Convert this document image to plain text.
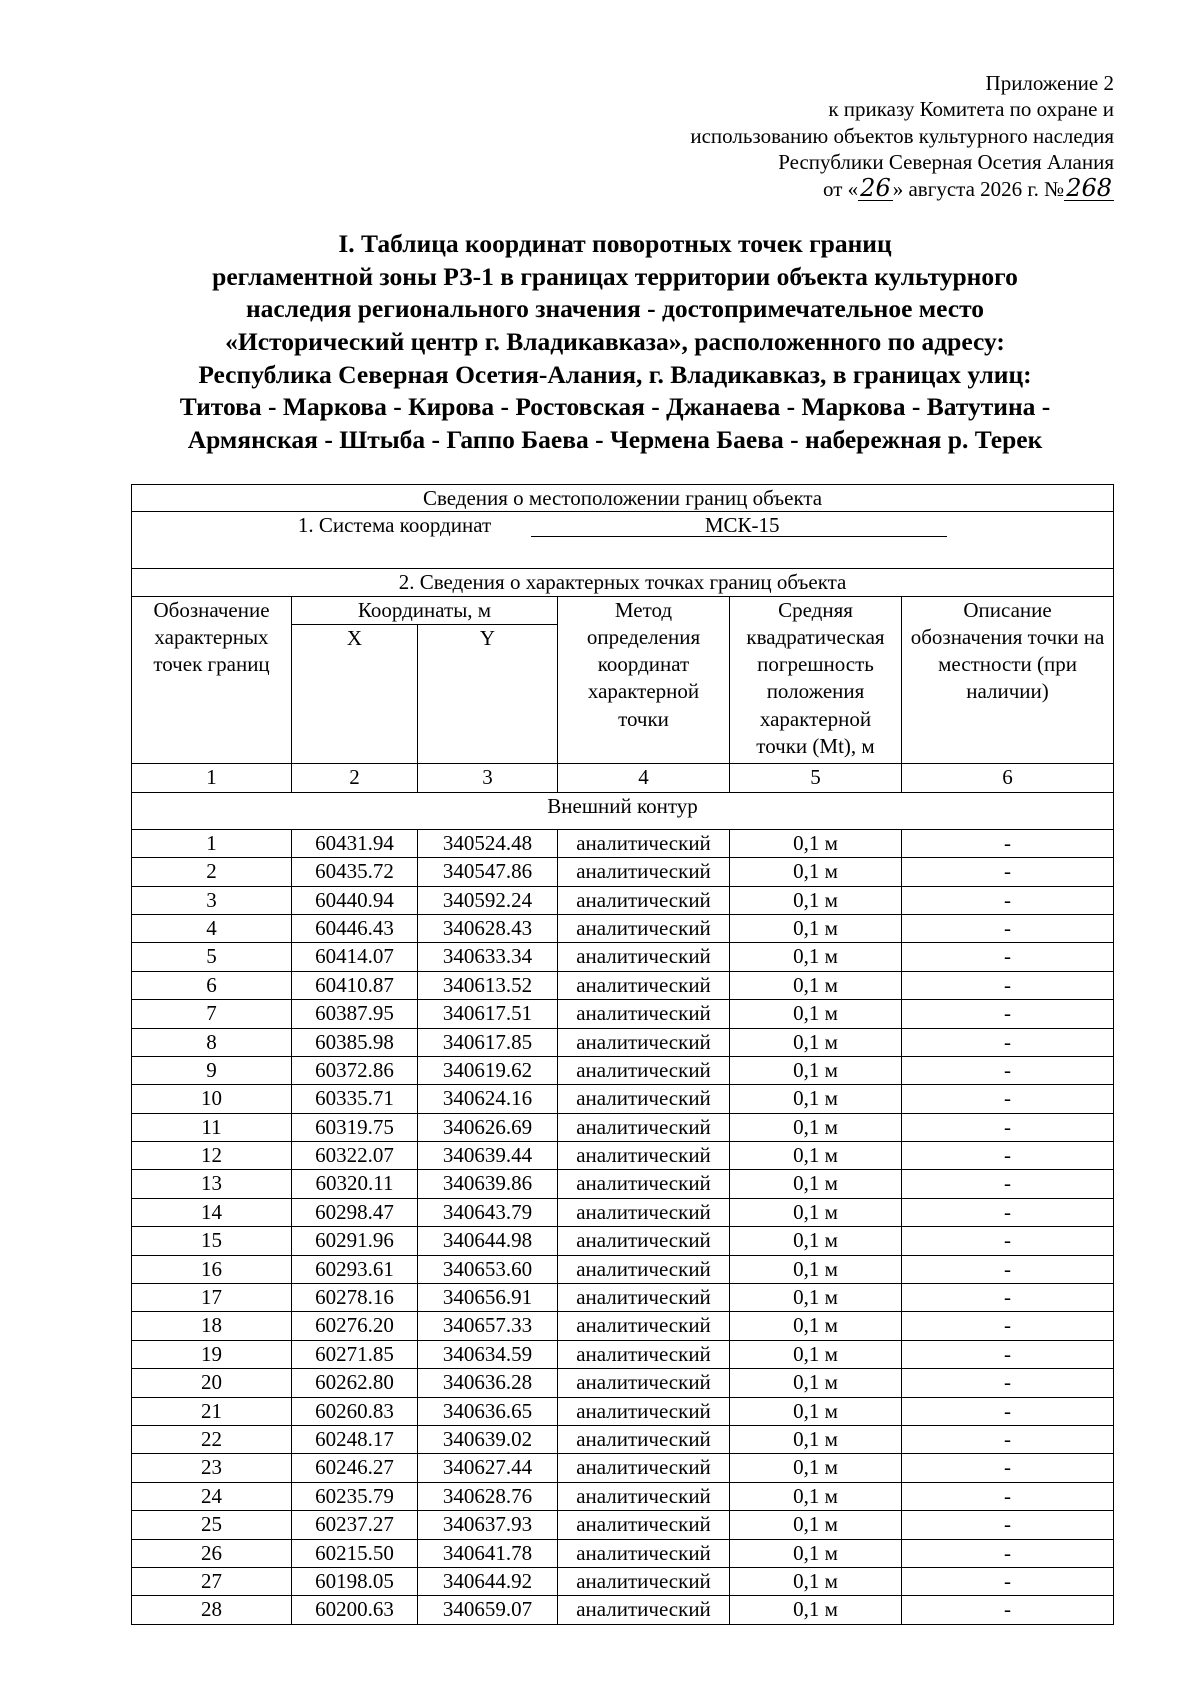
Приложение 2
к приказу Комитета по охране и
использованию объектов культурного наследия
Республики Северная Осетия Алания
от «26» августа 2026 г. №268
I. Таблица координат поворотных точек границ
регламентной зоны РЗ-1 в границах территории объекта культурного
наследия регионального значения - достопримечательное место
«Исторический центр г. Владикавказа», расположенного по адресу:
Республика Северная Осетия-Алания, г. Владикавказ, в границах улиц:
Титова - Маркова - Кирова - Ростовская - Джанаева - Маркова - Ватутина -
Армянская - Штыба - Гаппо Баева - Чермена Баева - набережная р. Терек
Сведения о местоположении границ объекта					
1. Система координат МСК-15					
2. Сведения о характерных точках границ объекта					
Обозначение характерных точек границ	Координаты, м		Метод определения координат характерной точки	Средняя квадратическая погрешность положения характерной точки (Mt), м	Описание обозначения точки на местности (при наличии)
	X	Y			
1	2	3	4	5	6
Внешний контур					
1	60431.94	340524.48	аналитический	0,1 м	-
2	60435.72	340547.86	аналитический	0,1 м	-
3	60440.94	340592.24	аналитический	0,1 м	-
4	60446.43	340628.43	аналитический	0,1 м	-
5	60414.07	340633.34	аналитический	0,1 м	-
6	60410.87	340613.52	аналитический	0,1 м	-
7	60387.95	340617.51	аналитический	0,1 м	-
8	60385.98	340617.85	аналитический	0,1 м	-
9	60372.86	340619.62	аналитический	0,1 м	-
10	60335.71	340624.16	аналитический	0,1 м	-
11	60319.75	340626.69	аналитический	0,1 м	-
12	60322.07	340639.44	аналитический	0,1 м	-
13	60320.11	340639.86	аналитический	0,1 м	-
14	60298.47	340643.79	аналитический	0,1 м	-
15	60291.96	340644.98	аналитический	0,1 м	-
16	60293.61	340653.60	аналитический	0,1 м	-
17	60278.16	340656.91	аналитический	0,1 м	-
18	60276.20	340657.33	аналитический	0,1 м	-
19	60271.85	340634.59	аналитический	0,1 м	-
20	60262.80	340636.28	аналитический	0,1 м	-
21	60260.83	340636.65	аналитический	0,1 м	-
22	60248.17	340639.02	аналитический	0,1 м	-
23	60246.27	340627.44	аналитический	0,1 м	-
24	60235.79	340628.76	аналитический	0,1 м	-
25	60237.27	340637.93	аналитический	0,1 м	-
26	60215.50	340641.78	аналитический	0,1 м	-
27	60198.05	340644.92	аналитический	0,1 м	-
28	60200.63	340659.07	аналитический	0,1 м	-
